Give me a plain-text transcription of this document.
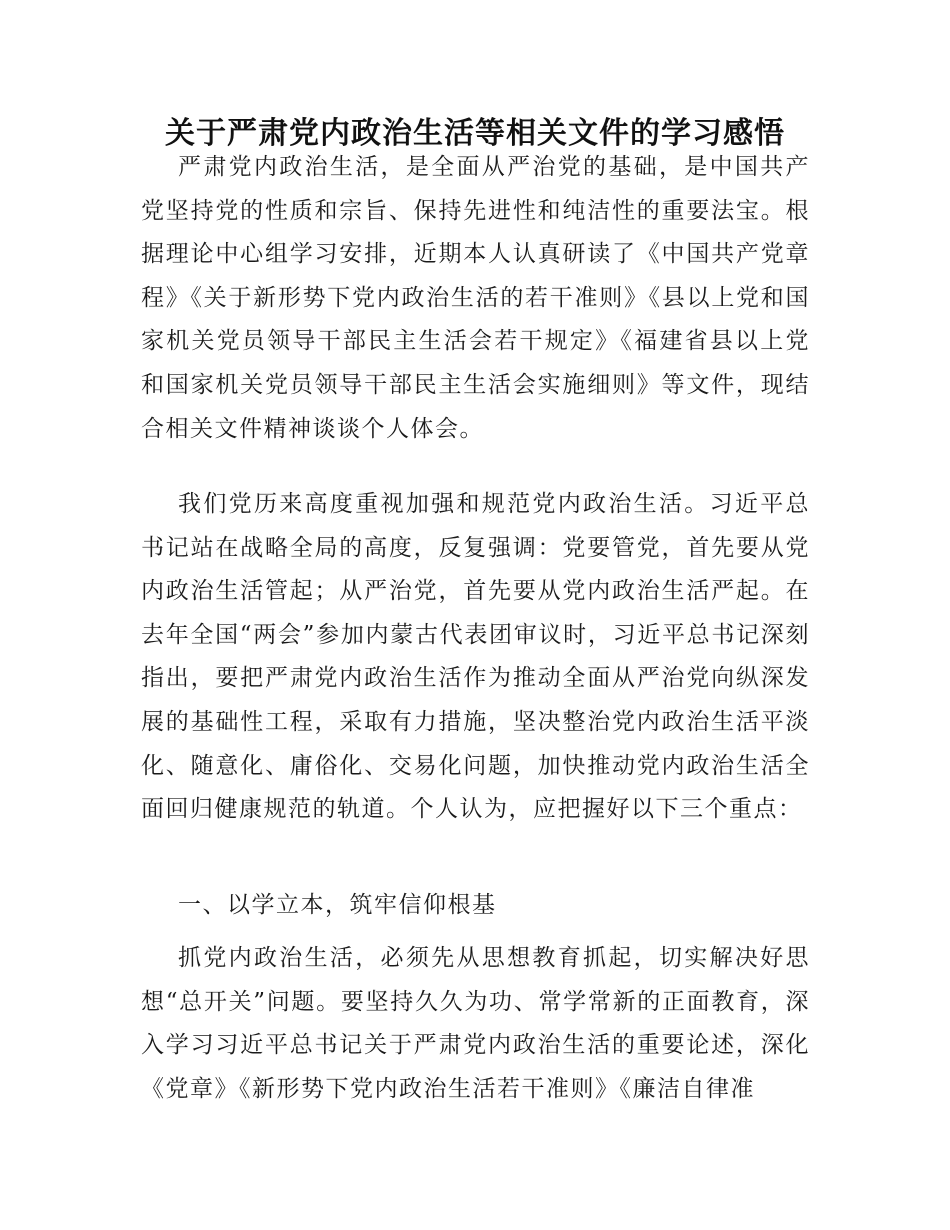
关于严肃党内政治生活等相关文件的学习感悟

严肃党内政治生活，是全面从严治党的基础，是中国共产党坚持党的性质和宗旨、保持先进性和纯洁性的重要法宝。根据理论中心组学习安排，近期本人认真研读了《中国共产党章程》《关于新形势下党内政治生活的若干准则》《县以上党和国家机关党员领导干部民主生活会若干规定》《福建省县以上党和国家机关党员领导干部民主生活会实施细则》等文件，现结合相关文件精神谈谈个人体会。

我们党历来高度重视加强和规范党内政治生活。习近平总书记站在战略全局的高度，反复强调：党要管党，首先要从党内政治生活管起；从严治党，首先要从党内政治生活严起。在去年全国“两会”参加内蒙古代表团审议时，习近平总书记深刻指出，要把严肃党内政治生活作为推动全面从严治党向纵深发展的基础性工程，采取有力措施，坚决整治党内政治生活平淡化、随意化、庸俗化、交易化问题，加快推动党内政治生活全面回归健康规范的轨道。个人认为，应把握好以下三个重点：

一、以学立本，筑牢信仰根基

抓党内政治生活，必须先从思想教育抓起，切实解决好思想“总开关”问题。要坚持久久为功、常学常新的正面教育，深入学习习近平总书记关于严肃党内政治生活的重要论述，深化《党章》《新形势下党内政治生活若干准则》《廉洁自律准
